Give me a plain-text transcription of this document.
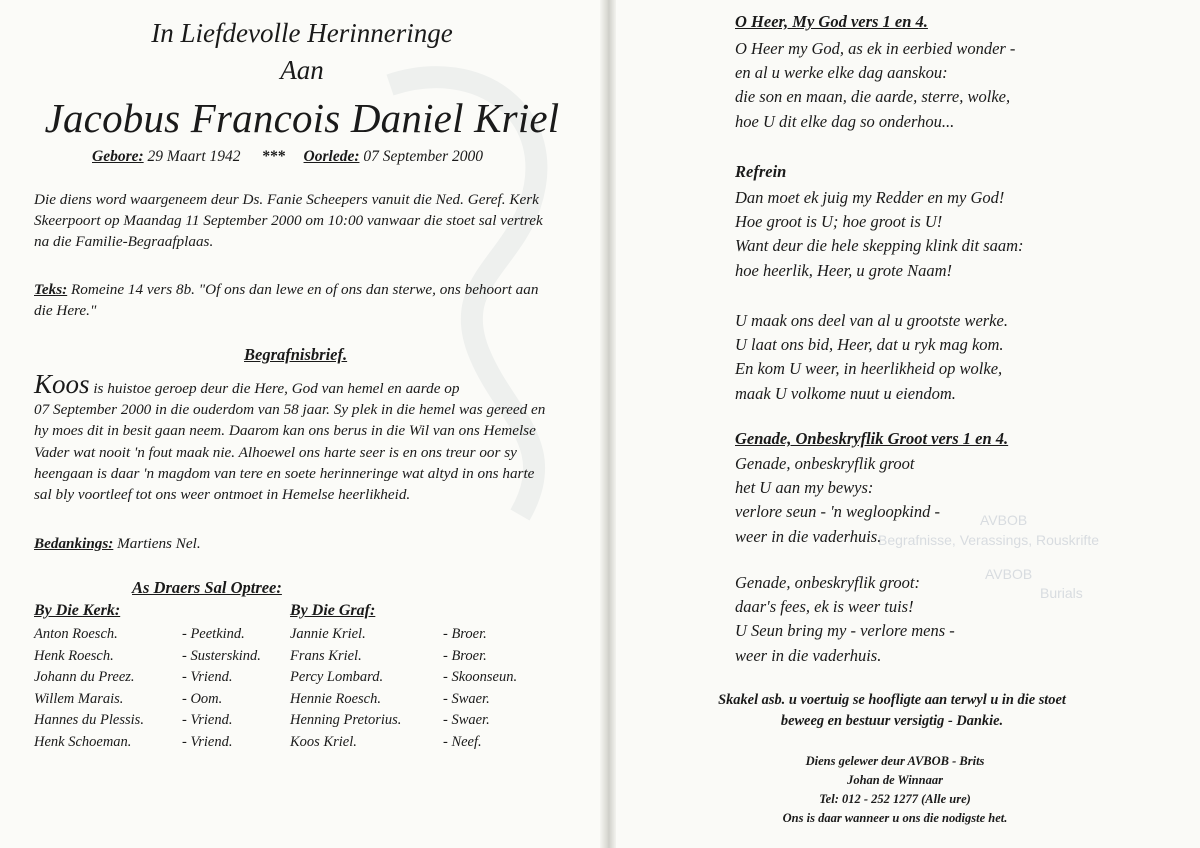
AVBOB
Begrafnisse, Verassings, Rouskrifte
AVBOB
Burials
In Liefdevolle Herinneringe
Aan
Jacobus Francois Daniel Kriel
Gebore: 29 Maart 1942 *** Oorlede: 07 September 2000
Die diens word waargeneem deur Ds. Fanie Scheepers vanuit die Ned. Geref. Kerk
Skeerpoort op Maandag 11 September 2000 om 10:00 vanwaar die stoet sal vertrek
na die Familie-Begraafplaas.
Teks: Romeine 14 vers 8b. "Of ons dan lewe en of ons dan sterwe, ons behoort aan
die Here."
Begrafnisbrief.
Koos is huistoe geroep deur die Here, God van hemel en aarde op
07 September 2000 in die ouderdom van 58 jaar. Sy plek in die hemel was gereed en
hy moes dit in besit gaan neem. Daarom kan ons berus in die Wil van ons Hemelse
Vader wat nooit 'n fout maak nie. Alhoewel ons harte seer is en ons treur oor sy
heengaan is daar 'n magdom van tere en soete herinneringe wat altyd in ons harte
sal bly voortleef tot ons weer ontmoet in Hemelse heerlikheid.
Bedankings: Martiens Nel.
As Draers Sal Optree:
By Die Kerk:	By Die Graf:
Anton Roesch.	- Peetkind.
Henk Roesch.	- Susterskind.
Johann du Preez.	- Vriend.
Willem Marais.	- Oom.
Hannes du Plessis.	- Vriend.
Henk Schoeman.	- Vriend.
Jannie Kriel.	- Broer.
Frans Kriel.	- Broer.
Percy Lombard.	- Skoonseun.
Hennie Roesch.	- Swaer.
Henning Pretorius.	- Swaer.
Koos Kriel.	- Neef.
O Heer, My God vers 1 en 4.
O Heer my God, as ek in eerbied wonder -
en al u werke elke dag aanskou:
die son en maan, die aarde, sterre, wolke,
hoe U dit elke dag so onderhou...
Refrein
Dan moet ek juig my Redder en my God!
Hoe groot is U; hoe groot is U!
Want deur die hele skepping klink dit saam:
hoe heerlik, Heer, u grote Naam!
U maak ons deel van al u grootste werke.
U laat ons bid, Heer, dat u ryk mag kom.
En kom U weer, in heerlikheid op wolke,
maak U volkome nuut u eiendom.
Genade, Onbeskryflik Groot vers 1 en 4.
Genade, onbeskryflik groot
het U aan my bewys:
verlore seun - 'n wegloopkind -
weer in die vaderhuis.
Genade, onbeskryflik groot:
daar's fees, ek is weer tuis!
U Seun bring my - verlore mens -
weer in die vaderhuis.
Skakel asb. u voertuig se hoofligte aan terwyl u in die stoet
beweeg en bestuur versigtig - Dankie.
Diens gelewer deur AVBOB - Brits
Johan de Winnaar
Tel: 012 - 252 1277 (Alle ure)
Ons is daar wanneer u ons die nodigste het.
